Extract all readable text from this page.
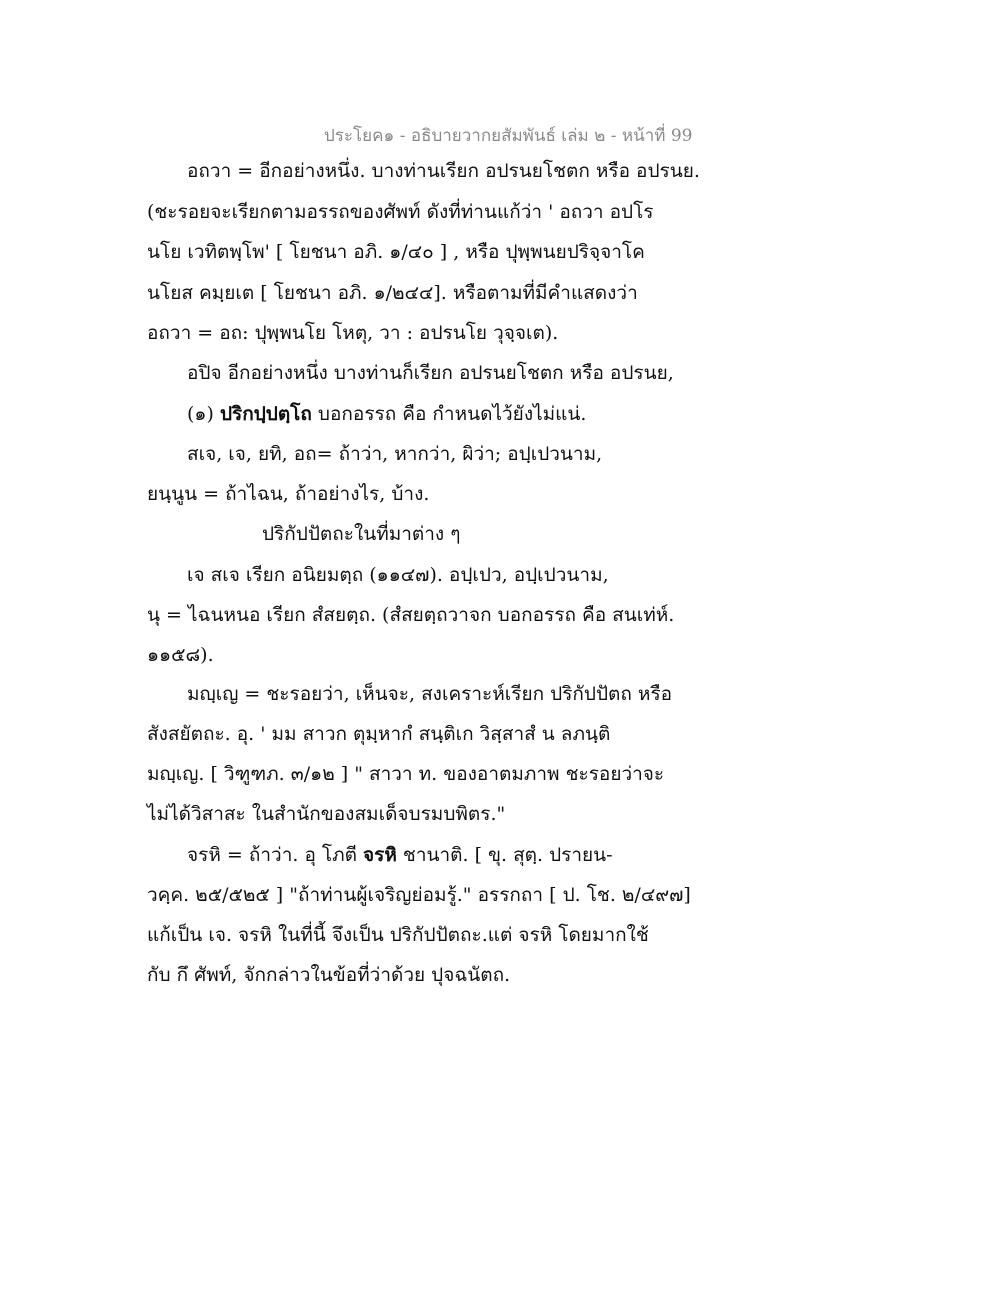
ประโยค๑ - อธิบายวากยสัมพันธ์ เล่ม ๒ - หน้าที่ 99
อถวา = อีกอย่างหนึ่ง. บางท่านเรียก อปรนยโชตก หรือ อปรนย.
(ชะรอยจะเรียกตามอรรถของศัพท์ ดังที่ท่านแก้ว่า ' อถวา อปโร
นโย เวทิตพฺโพ' [ โยชนา อภิ. ๑/๔๐ ] , หรือ ปุพฺพนยปริจฺจาโค
นโยส คมฺยเต [ โยชนา อภิ. ๑/๒๔๔]. หรือตามที่มีคำแสดงว่า
อถวา = อถ: ปุพฺพนโย โหตุ, วา : อปรนโย วุจฺจเต).
อปิจ อีกอย่างหนึ่ง บางท่านก็เรียก อปรนยโชตก หรือ อปรนย,
(๑) ปริกปฺปตฺโถ บอกอรรถ คือ กำหนดไว้ยังไม่แน่.
สเจ, เจ, ยทิ, อถ= ถ้าว่า, หากว่า, ผิว่า; อปฺเปวนาม,
ยนฺนูน = ถ้าไฉน, ถ้าอย่างไร, บ้าง.
ปริกัปปัตถะในที่มาต่าง ๆ
เจ สเจ เรียก อนิยมตฺถ (๑๑๔๗). อปฺเปว, อปฺเปวนาม,
นุ = ไฉนหนอ เรียก สํสยตฺถ. (สํสยตฺถวาจก บอกอรรถ คือ สนเท่ห์.
๑๑๕๘).
มญฺเญ = ชะรอยว่า, เห็นจะ, สงเคราะห์เรียก ปริกัปปัตถ หรือ
สังสยัตถะ. อุ. ' มม สาวก ตุมฺหากํ สนฺติเก วิสฺสาสํ น ลภนฺติ
มญฺเญ. [ วิฑูฑภ. ๓/๑๒ ] " สาวา ท. ของอาตมภาพ ชะรอยว่าจะ
ไม่ได้วิสาสะ ในสำนักของสมเด็จบรมบพิตร."
จรหิ = ถ้าว่า. อุ โภตี จรหิ ชานาติ. [ ขุ. สุตฺ. ปรายน-
วคฺค. ๒๕/๕๒๕ ] "ถ้าท่านผู้เจริญย่อมรู้." อรรกถา [ ป. โช. ๒/๔๙๗]
แก้เป็น เจ. จรหิ ในที่นี้ จึงเป็น ปริกัปปัตถะ.แต่ จรหิ โดยมากใช้
กับ กึ ศัพท์, จักกล่าวในข้อที่ว่าด้วย ปุจฉนัตถ.
